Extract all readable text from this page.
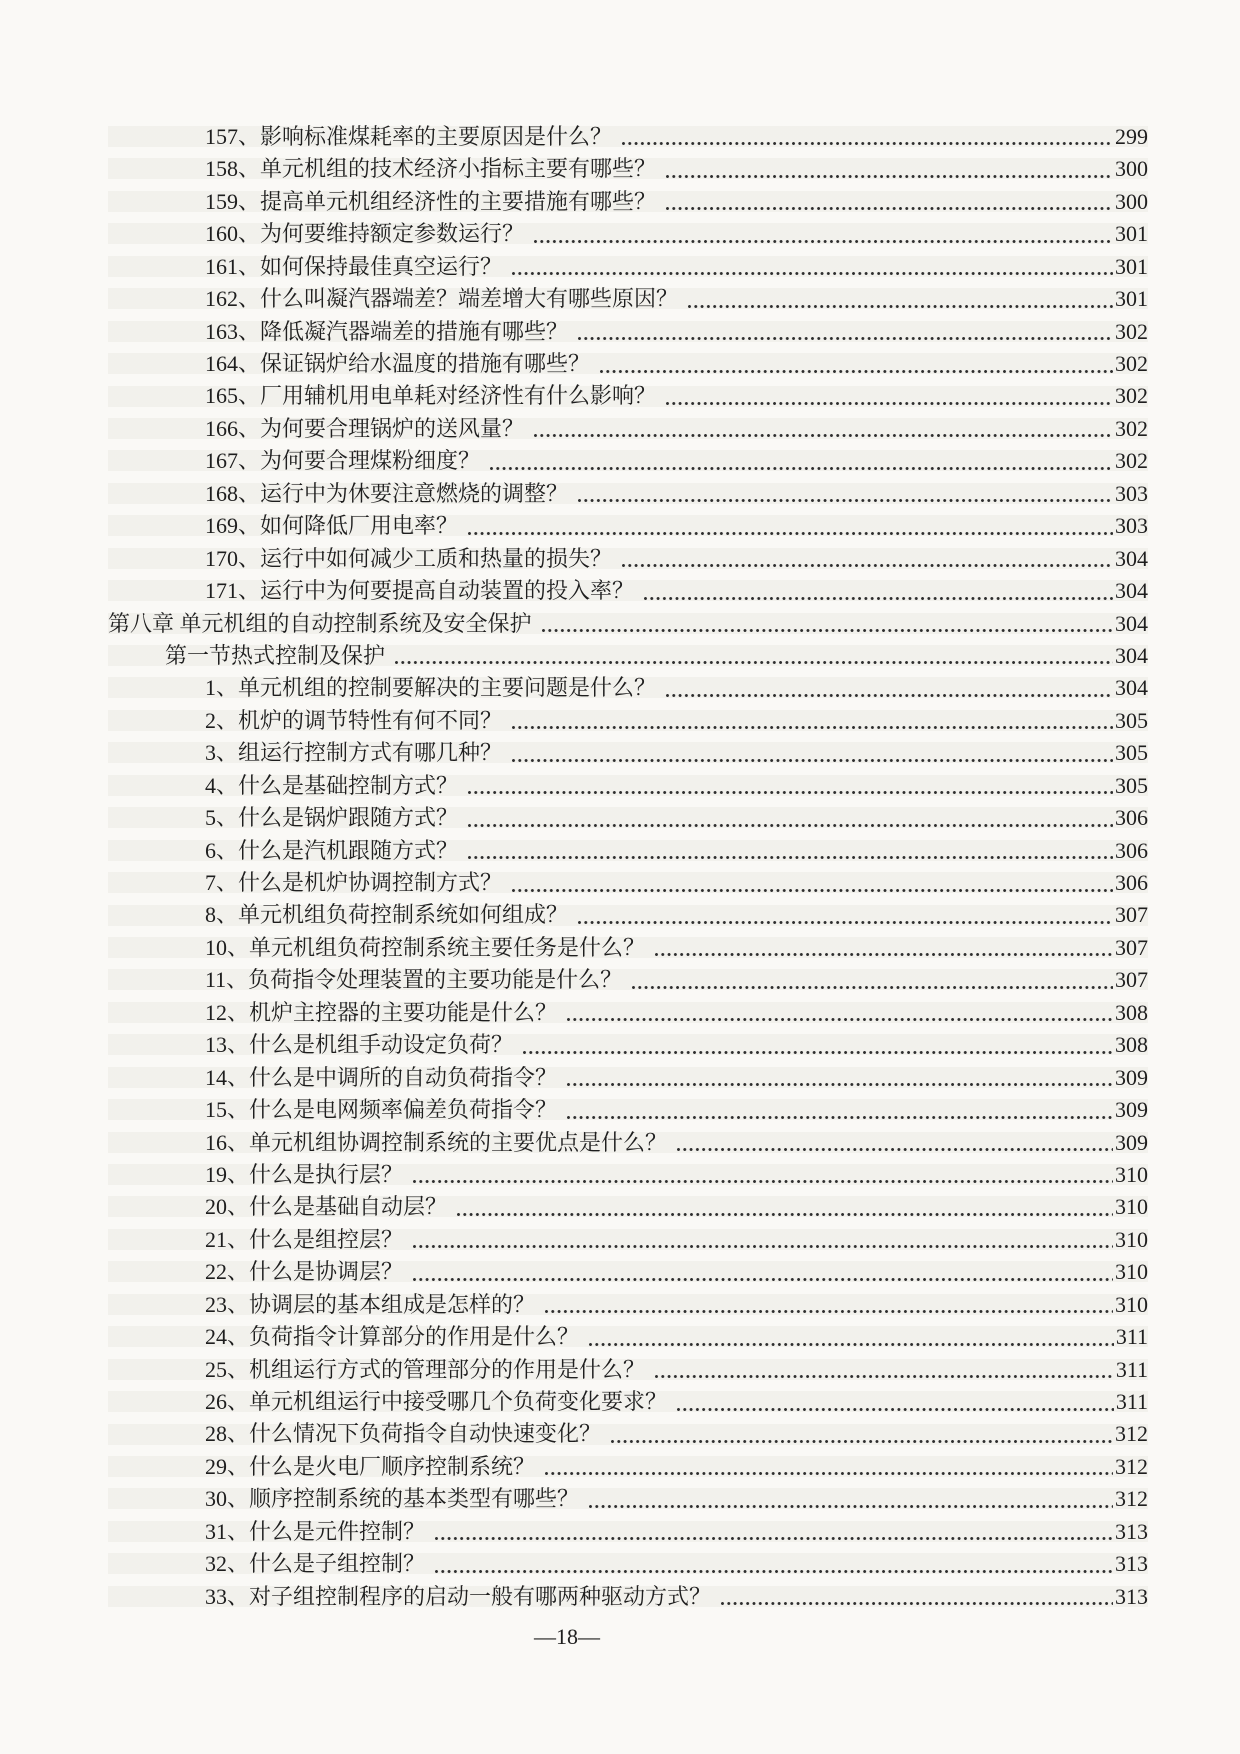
157、影响标准煤耗率的主要原因是什么？	299
158、单元机组的技术经济小指标主要有哪些？	300
159、提高单元机组经济性的主要措施有哪些？	300
160、为何要维持额定参数运行？	301
161、如何保持最佳真空运行？	301
162、什么叫凝汽器端差？端差增大有哪些原因？	301
163、降低凝汽器端差的措施有哪些？	302
164、保证锅炉给水温度的措施有哪些？	302
165、厂用辅机用电单耗对经济性有什么影响？	302
166、为何要合理锅炉的送风量？	302
167、为何要合理煤粉细度？	302
168、运行中为休要注意燃烧的调整？	303
169、如何降低厂用电率？	303
170、运行中如何减少工质和热量的损失？	304
171、运行中为何要提高自动装置的投入率？	304
第八章 单元机组的自动控制系统及安全保护	304
第一节热式控制及保护	304
1、单元机组的控制要解决的主要问题是什么？	304
2、机炉的调节特性有何不同？	305
3、组运行控制方式有哪几种？	305
4、什么是基础控制方式？	305
5、什么是锅炉跟随方式？	306
6、什么是汽机跟随方式？	306
7、什么是机炉协调控制方式？	306
8、单元机组负荷控制系统如何组成？	307
10、单元机组负荷控制系统主要任务是什么？	307
11、负荷指令处理装置的主要功能是什么？	307
12、机炉主控器的主要功能是什么？	308
13、什么是机组手动设定负荷？	308
14、什么是中调所的自动负荷指令？	309
15、什么是电网频率偏差负荷指令？	309
16、单元机组协调控制系统的主要优点是什么？	309
19、什么是执行层？	310
20、什么是基础自动层？	310
21、什么是组控层？	310
22、什么是协调层？	310
23、协调层的基本组成是怎样的？	310
24、负荷指令计算部分的作用是什么？	311
25、机组运行方式的管理部分的作用是什么？	311
26、单元机组运行中接受哪几个负荷变化要求？	311
28、什么情况下负荷指令自动快速变化？	312
29、什么是火电厂顺序控制系统？	312
30、顺序控制系统的基本类型有哪些？	312
31、什么是元件控制？	313
32、什么是子组控制？	313
33、对子组控制程序的启动一般有哪两种驱动方式？	313
—18—
